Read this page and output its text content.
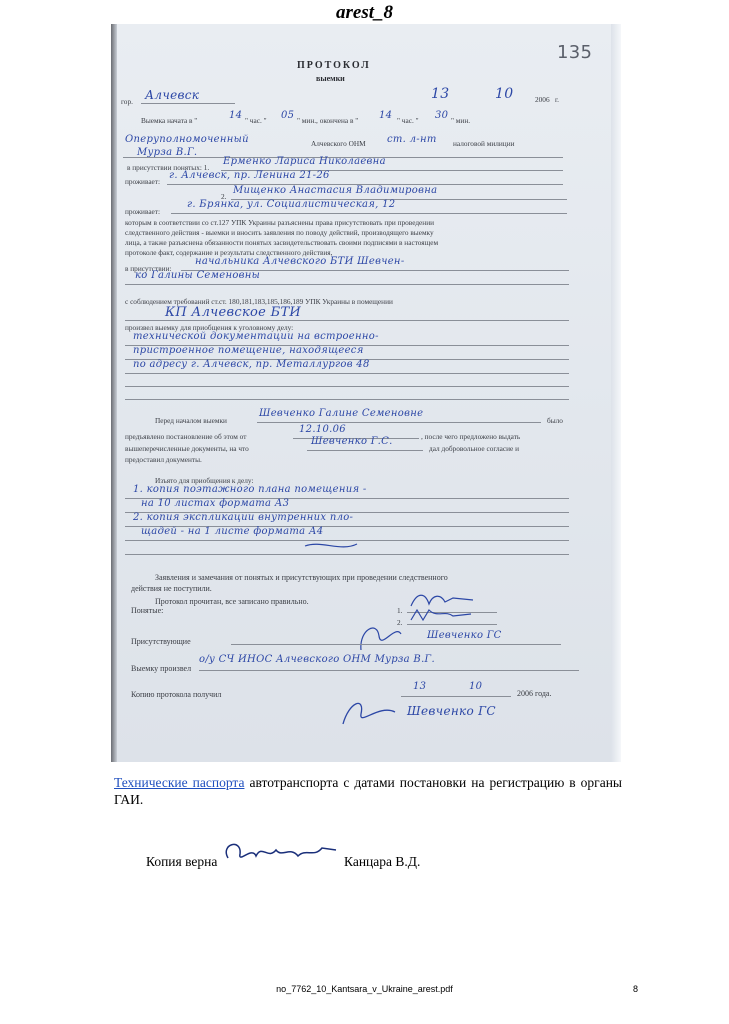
arest_8
135
ПРОТОКОЛ
выемки
гор. Алчевск	13	10	2006 г.
Выемка начата в "	14 " час. " 05 " мин., окончена в " 14 " час. " 30 " мин.
Оперуполномоченный	Алчевского ОНМ ст. л-нт налоговой милиции
Мурза В.Г.
в присутствии понятых: 1.
Ерменко Лариса Николаевна
проживает:
г. Алчевск, пр. Ленина 21-26
2.
Мищенко Анастасия Владимировна
проживает:
г. Брянка, ул. Социалистическая, 12
которым в соответствии со ст.127 УПК Украины разъяснены права присутствовать при проведении
следственного действия - выемки и вносить заявления по поводу действий, производящего выемку
лица, а также разъяснена обязанности понятых засвидетельствовать своими подписями в настоящем
протоколе факт, содержание и результаты следственного действия,
в присутствии:
начальника Алчевского БТИ Шевчен-
ко Галины Семеновны
с соблюдением требований ст.ст. 180,181,183,185,186,189 УПК Украины в помещении
КП Алчевское БТИ
произвел выемку для приобщения к уголовному делу:
технической документации на встроенно-
пристроенное помещение, находящееся
по адресу г. Алчевск, пр. Металлургов 48
Перед началом выемки
Шевченко Галине Семеновне
было
предъявлено постановление об этом от
12.10.06
, после чего предложено выдать
вышеперечисленные документы, на что
Шевченко Г.С.
дал добровольное согласие и
предоставил документы.
Изъято для приобщения к делу:
1. копия поэтажного плана помещения -
на 10 листах формата А3
2. копия экспликации внутренних пло-
щадей - на 1 листе формата А4
Заявления и замечания от понятых и присутствующих при проведении следственного
действия не поступили.
Протокол прочитан, все записано правильно.
Понятые:	1.
2.
Присутствующие
Шевченко ГС
Выемку произвел
о/у СЧ ИНОС Алчевского ОНМ Мурза В.Г.
Копию протокола получил
13	10
2006 года.
Шевченко ГС
Технические паспорта автотранспорта с датами постановки на регистрацию в органы ГАИ.
Копия верна	Канцара В.Д.
no_7762_10_Kantsara_v_Ukraine_arest.pdf	8
